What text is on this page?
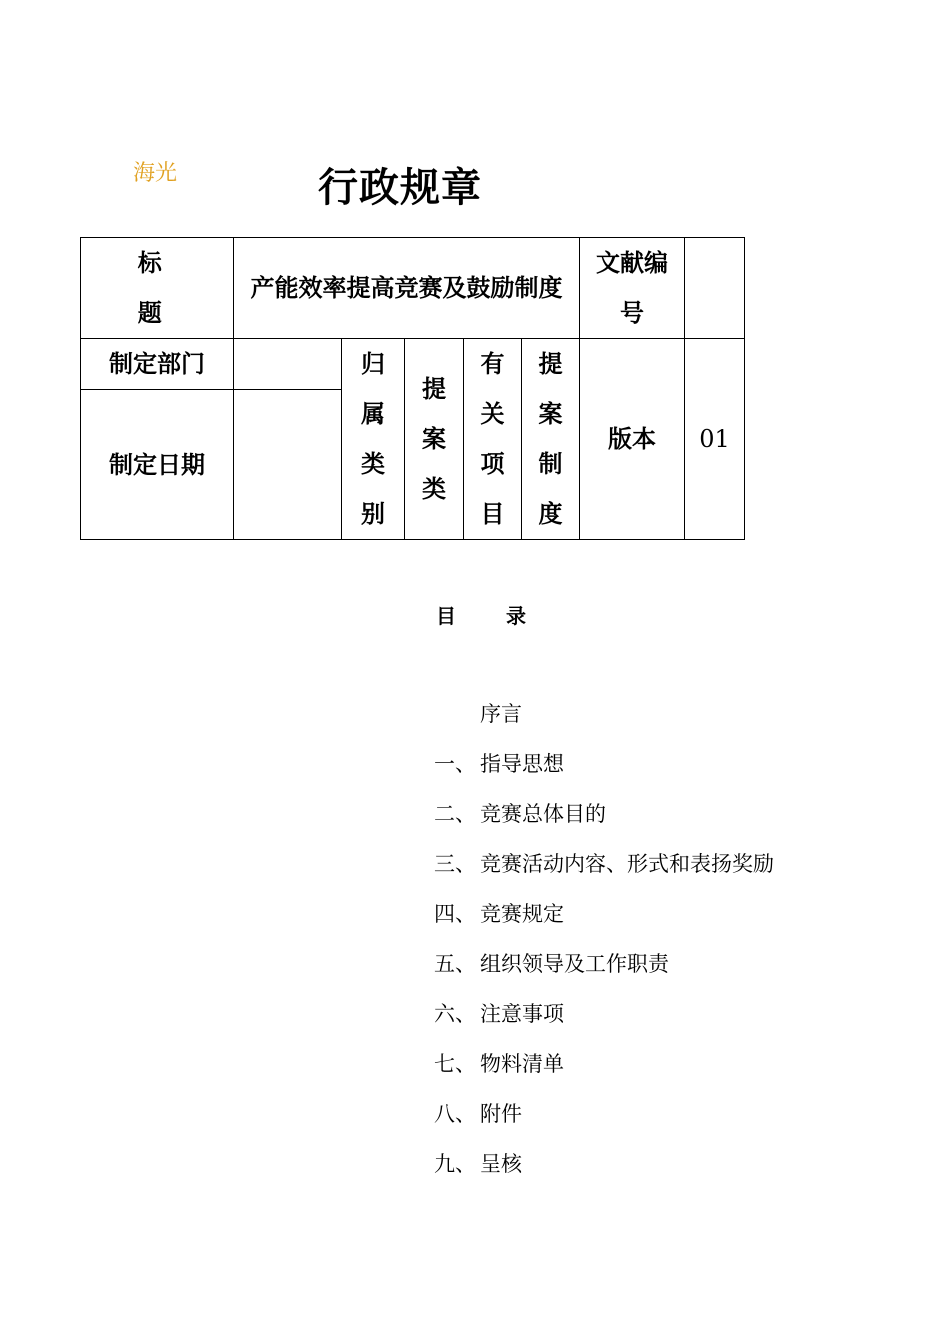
海光	行政规章
标　题	产能效率提高竞赛及鼓励制度					文献编号	
制定部门		归属类别	提案类	有关项目	提案制度	版本	01
制定日期							
目录
序言
一、 指导思想
二、 竞赛总体目的
三、 竞赛活动内容、形式和表扬奖励
四、 竞赛规定
五、 组织领导及工作职责
六、 注意事项
七、 物料清单
八、 附件
九、 呈核
